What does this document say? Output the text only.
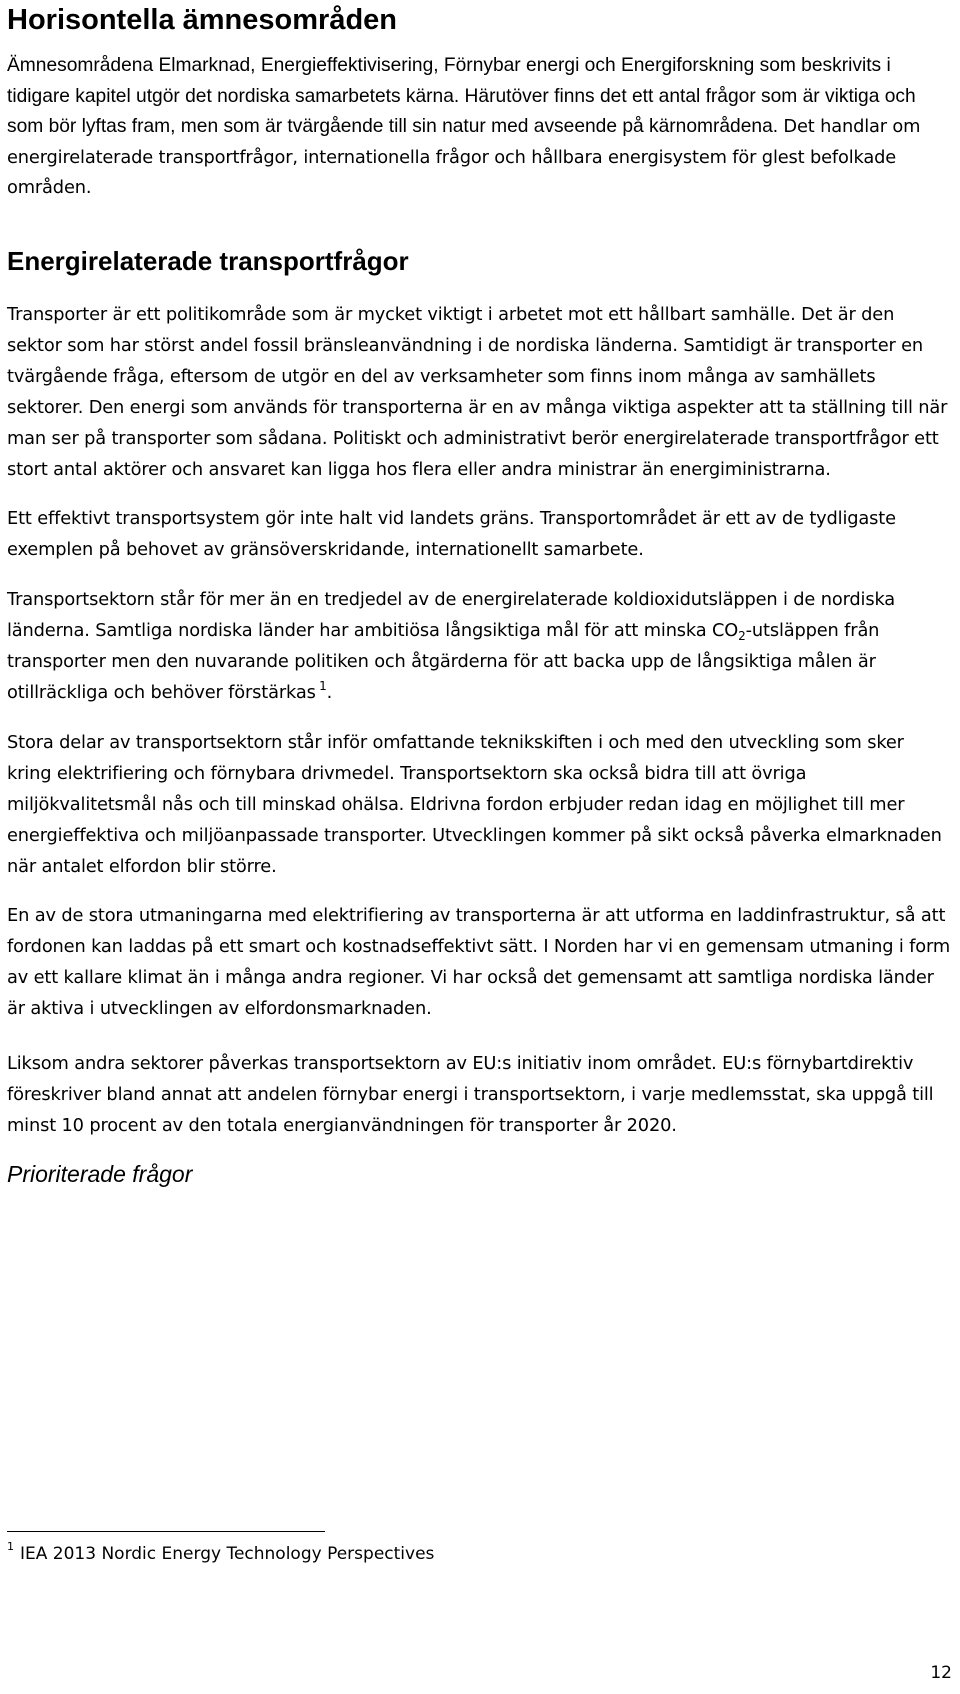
Horisontella ämnesområden

Ämnesområdena Elmarknad, Energieffektivisering, Förnybar energi och Energiforskning som beskrivits i tidigare kapitel utgör det nordiska samarbetets kärna. Härutöver finns det ett antal frågor som är viktiga och som bör lyftas fram, men som är tvärgående till sin natur med avseende på kärnområdena. Det handlar om energirelaterade transportfrågor, internationella frågor och hållbara energisystem för glest befolkade områden.

Energirelaterade transportfrågor

Transporter är ett politikområde som är mycket viktigt i arbetet mot ett hållbart samhälle. Det är den sektor som har störst andel fossil bränsleanvändning i de nordiska länderna. Samtidigt är transporter en tvärgående fråga, eftersom de utgör en del av verksamheter som finns inom många av samhällets sektorer. Den energi som används för transporterna är en av många viktiga aspekter att ta ställning till när man ser på transporter som sådana. Politiskt och administrativt berör energirelaterade transportfrågor ett stort antal aktörer och ansvaret kan ligga hos flera eller andra ministrar än energiministrarna.

Ett effektivt transportsystem gör inte halt vid landets gräns. Transportområdet är ett av de tydligaste exemplen på behovet av gränsöverskridande, internationellt samarbete.

Transportsektorn står för mer än en tredjedel av de energirelaterade koldioxidutsläppen i de nordiska länderna. Samtliga nordiska länder har ambitiösa långsiktiga mål för att minska $CO_2$-utsläppen från transporter men den nuvarande politiken och åtgärderna för att backa upp de långsiktiga målen är otillräckliga och behöver förstärkas  $^1$.

Stora delar av transportsektorn står inför omfattande teknikskiften i och med den utveckling som sker kring elektrifiering och förnybara drivmedel. Transportsektorn ska också bidra till att övriga miljökvalitetsmål nås och till minskad ohälsa. Eldrivna fordon erbjuder redan idag en möjlighet till mer energieffektiva och miljöanpassade transporter. Utvecklingen kommer på sikt också påverka elmarknaden när antalet elfordon blir större.

En av de stora utmaningarna med elektrifiering av transporterna är att utforma en laddinfrastruktur, så att fordonen kan laddas på ett smart och kostnadseffektivt sätt. I Norden har vi en gemensam utmaning i form av ett kallare klimat än i många andra regioner. Vi har också det gemensamt att samtliga nordiska länder är aktiva i utvecklingen av elfordonsmarknaden.

Liksom andra sektorer påverkas transportsektorn av EU:s initiativ inom området. EU:s förnybartdirektiv föreskriver bland annat att andelen förnybar energi i transportsektorn, i varje medlemsstat, ska uppgå till minst 10 procent av den totala energianvändningen för transporter år 2020.

Prioriterade frågor
$^1$ IEA 2013 Nordic Energy Technology Perspectives
12
